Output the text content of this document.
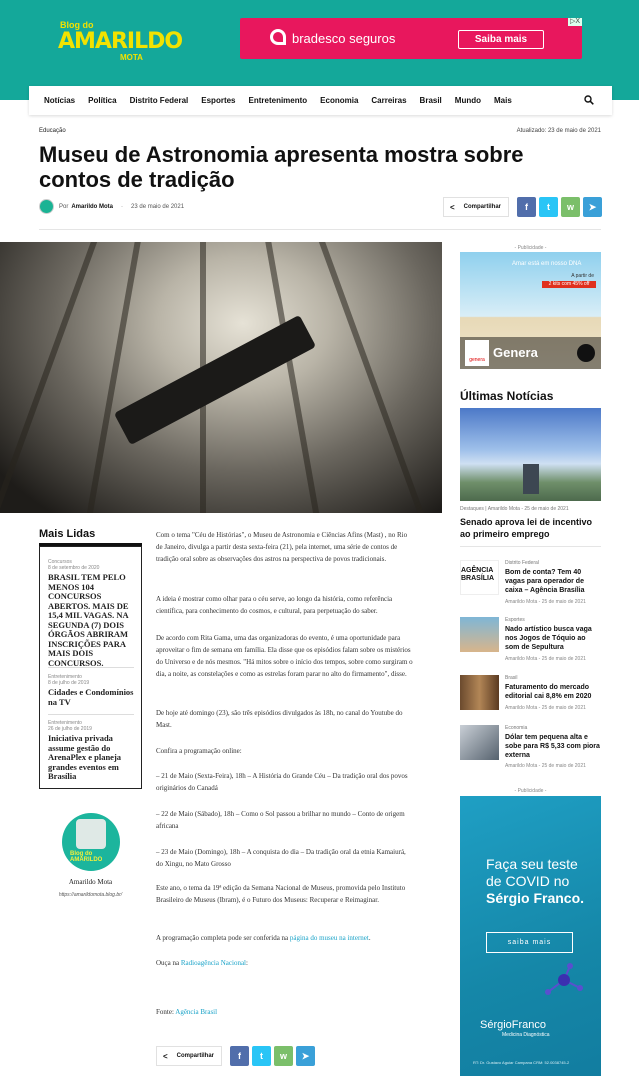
Blog do
AMARILDO
MOTA
bradesco seguros	Saiba mais
▷X
Notícias Política Distrito Federal Esportes Entretenimento Economia Carreiras Brasil Mundo Mais
Educação	Atualizado: 23 de maio de 2021
Museu de Astronomia apresenta mostra sobre contos de tradição
Por Amarildo Mota - 23 de maio de 2021	< Compartilhar	f	t	w	➤
- Publicidade -
Amar está em nosso DNA
A partir de
2 kits com 45% off
genera Genera
Últimas Notícias
Destaques | Amarildo Mota - 25 de maio de 2021
Senado aprova lei de incentivo ao primeiro emprego
AGÊNCIA
BRASÍLIA
Distrito Federal
Bom de conta? Tem 40 vagas para operador de caixa – Agência Brasília
Amarildo Mota - 25 de maio de 2021
Esportes
Nado artístico busca vaga nos Jogos de Tóquio ao som de Sepultura
Amarildo Mota - 25 de maio de 2021
Brasil
Faturamento do mercado editorial cai 8,8% em 2020
Amarildo Mota - 25 de maio de 2021
Economia
Dólar tem pequena alta e sobe para R$ 5,33 com piora externa
Amarildo Mota - 25 de maio de 2021
- Publicidade -
Faça seu teste
de COVID no
Sérgio Franco.
saiba mais
SérgioFranco
Medicina Diagnóstica
RT: Dr. Gustavo Aguiar Campana CRM: 52.0038745-2
Mais Lidas
Concursos
8 de setembro de 2020
BRASIL TEM PELO MENOS 104 CONCURSOS ABERTOS. MAIS DE 15,4 MIL VAGAS. NA SEGUNDA (7) DOIS ÓRGÃOS ABRIRAM INSCRIÇÕES PARA MAIS DOIS CONCURSOS.
Entretenimento
8 de julho de 2019
Cidades e Condomínios na TV
Entretenimento
26 de julho de 2019
Iniciativa privada assume gestão do ArenaPlex e planeja grandes eventos em Brasília
Blog do AMARILDO
Amarildo Mota
https://amarildomota.blog.br/

Com o tema "Céu de Histórias", o Museu de Astronomia e Ciências Afins (Mast) , no Rio de Janeiro, divulga a partir desta sexta-feira (21), pela internet, uma série de contos de tradição oral sobre as observações dos astros na perspectiva de povos tradicionais.

A ideia é mostrar como olhar para o céu serve, ao longo da história, como referência científica, para conhecimento do cosmos, e cultural, para perpetuação do saber.

De acordo com Rita Gama, uma das organizadoras do evento, é uma oportunidade para aproveitar o fim de semana em família. Ela disse que os episódios falam sobre os mistérios do Universo e de nós mesmos. "Há mitos sobre o início dos tempos, sobre como surgiram o dia, a noite, as constelações e como as estrelas foram parar no alto do firmamento", disse.

De hoje até domingo (23), são três episódios divulgados às 18h, no canal do Youtube do Mast.

Confira a programação online:

– 21 de Maio (Sexta-Feira), 18h – A História do Grande Céu – Da tradição oral dos povos originários do Canadá

– 22 de Maio (Sábado), 18h – Como o Sol passou a brilhar no mundo – Conto de origem africana

– 23 de Maio (Domingo), 18h – A conquista do dia – Da tradição oral da etnia Kamaiurá, do Xingu, no Mato Grosso

Este ano, o tema da 19ª edição da Semana Nacional de Museus, promovida pelo Instituto Brasileiro de Museus (Ibram), é o Futuro dos Museus: Recuperar e Reimaginar.

A programação completa pode ser conferida na página do museu na internet.

Ouça na Radioagência Nacional:

Fonte: Agência Brasil

< Compartilhar	f	t	w	➤
